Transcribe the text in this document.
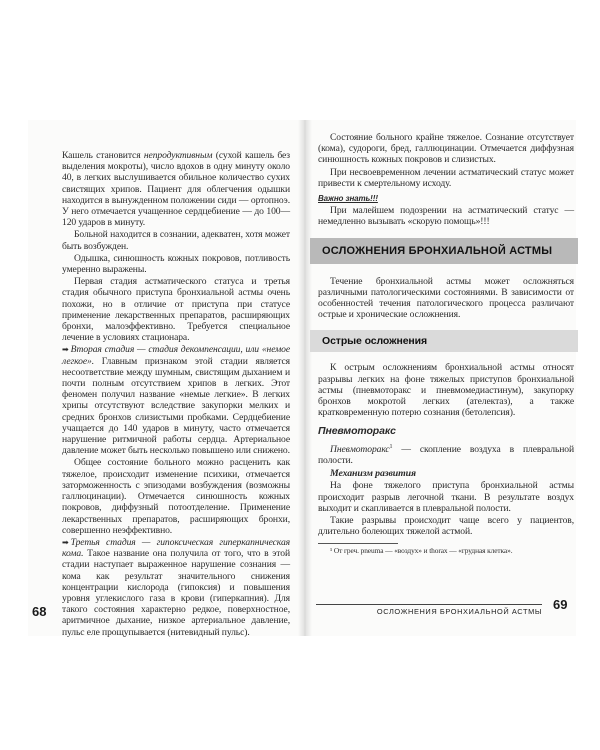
Кашель становится непродуктивным (сухой кашель без выделения мокроты), число вдохов в одну минуту около 40, в легких выслушивается обильное количество сухих свистящих хрипов. Пациент для облегчения одышки находится в вынужденном положении сиди — ортопноэ. У него отмечается учащенное сердцебиение — до 100—120 ударов в минуту.

Больной находится в сознании, адекватен, хотя может быть возбужден.

Одышка, синюшность кожных покровов, потливость умеренно выражены.

Первая стадия астматического статуса и третья стадия обычного приступа бронхиальной астмы очень похожи, но в отличие от приступа при статусе применение лекарственных препаратов, расширяющих бронхи, малоэффективно. Требуется специальное лечение в условиях стационара.

➡ Вторая стадия — стадия декомпенсации, или «немое легкое». Главным признаком этой стадии является несоответствие между шумным, свистящим дыханием и почти полным отсутствием хрипов в легких. Этот феномен получил название «немые легкие». В легких хрипы отсутствуют вследствие закупорки мелких и средних бронхов слизистыми пробками. Сердцебиение учащается до 140 ударов в минуту, часто отмечается нарушение ритмичной работы сердца. Артериальное давление может быть несколько повышено или снижено.

Общее состояние больного можно расценить как тяжелое, происходит изменение психики, отмечается заторможенность с эпизодами возбуждения (возможны галлюцинации). Отмечается синюшность кожных покровов, диффузный потоотделение. Применение лекарственных препаратов, расширяющих бронхи, совершенно неэффективно.

➡ Третья стадия — гипоксическая гиперкапническая кома. Такое название она получила от того, что в этой стадии наступает выраженное нарушение сознания — кома как результат значительного снижения концентрации кислорода (гипоксия) и повышения уровня углекислого газа в крови (гиперкапния). Для такого состояния характерно редкое, поверхностное, аритмичное дыхание, низкое артериальное давление, пульс еле прощупывается (нитевидный пульс).

68

Состояние больного крайне тяжелое. Сознание отсутствует (кома), судороги, бред, галлюцинации. Отмечается диффузная синюшность кожных покровов и слизистых.

При несвоевременном лечении астматический статус может привести к смертельному исходу.

Важно знать!!!

При малейшем подозрении на астматический статус — немедленно вызывать «скорую помощь»!!!

ОСЛОЖНЕНИЯ БРОНХИАЛЬНОЙ АСТМЫ

Течение бронхиальной астмы может осложняться различными патологическими состояниями. В зависимости от особенностей течения патологического процесса различают острые и хронические осложнения.

Острые осложнения

К острым осложнениям бронхиальной астмы относят разрывы легких на фоне тяжелых приступов бронхиальной астмы (пневмоторакс и пневмомедиастинум), закупорку бронхов мокротой легких (ателектаз), а также кратковременную потерю сознания (бетолепсия).

Пневмоторакс

Пневмоторакс$^1$ — скопление воздуха в плевральной полости.

Механизм развития

На фоне тяжелого приступа бронхиальной астмы происходит разрыв легочной ткани. В результате воздух выходит и скапливается в плевральной полости.

Такие разрывы происходит чаще всего у пациентов, длительно болеющих тяжелой астмой.

¹ От греч. pneuma — «воздух» и thorax — «грудная клетка».
ОСЛОЖНЕНИЯ БРОНХИАЛЬНОЙ АСТМЫ 69
